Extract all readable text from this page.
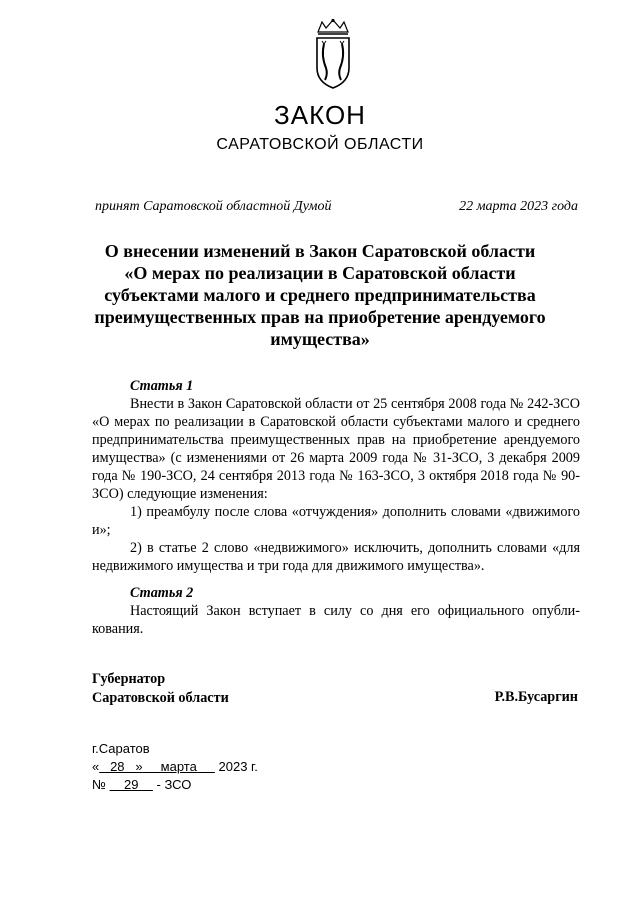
ЗАКОН
САРАТОВСКОЙ ОБЛАСТИ
принят Саратовской областной Думой	22 марта 2023 года
О внесении изменений в Закон Саратовской области
«О мерах по реализации в Саратовской области
субъектами малого и среднего предпринимательства
преимущественных прав на приобретение арендуемого
имущества»
Статья 1
Внести в Закон Саратовской области от 25 сентября 2008 года № 242-ЗСО «О мерах по реализации в Саратовской области субъектами малого и среднего предпринимательства преимущественных прав на приобретение арендуемого имущества» (с изменениями от 26 марта 2009 года № 31-ЗСО, 3 декабря 2009 года № 190-ЗСО, 24 сентября 2013 года № 163-ЗСО, 3 октября 2018 года № 90-ЗСО) следующие изменения:
1) преамбулу после слова «отчуждения» дополнить словами «движимого и»;
2) в статье 2 слово «недвижимого» исключить, дополнить словами «для недвижимого имущества и три года для движимого имущества».
Статья 2
Настоящий Закон вступает в силу со дня его официального опубликования.
Губернатор
Саратовской области	Р.В.Бусаргин
г.Саратов
«   28   »     марта      2023 г.
№     29     - ЗСО
